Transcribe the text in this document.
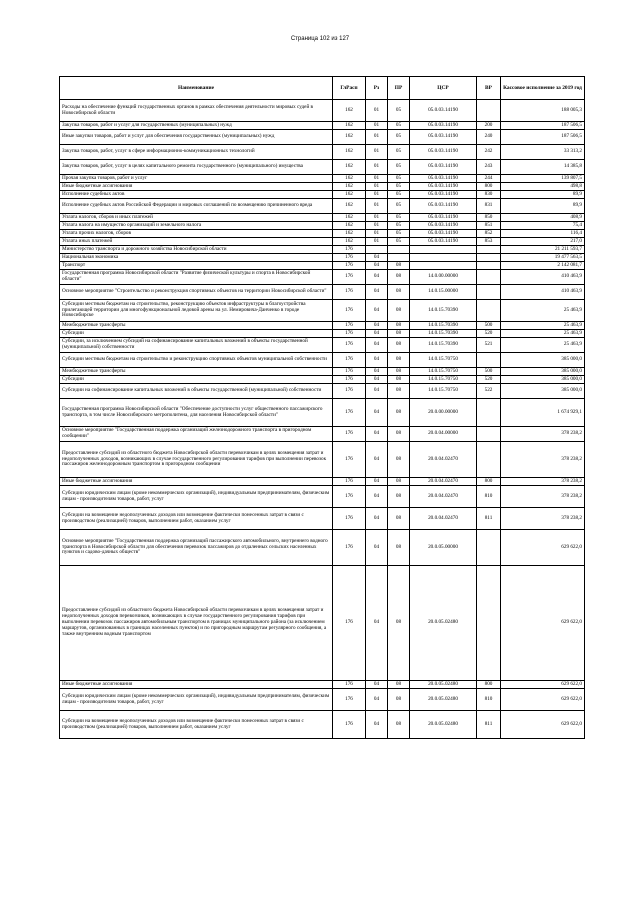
Страница 102 из 127
Наименование	ГлРасп	Рз	ПР	ЦСР	ВР	Кассовое исполнение за 2019 год
Расходы на обеспечение функций государственных органов в рамках обеспечения деятельности мировых судей в Новосибирской области	162	01	05	05.0.03.14190		188 005,3
Закупка товаров, работ и услуг для государственных (муниципальных) нужд	162	01	05	05.0.03.14190	200	187 506,5
Иные закупки товаров, работ и услуг для обеспечения государственных (муниципальных) нужд	162	01	05	05.0.03.14190	240	187 506,5
Закупка товаров, работ, услуг в сфере информационно-коммуникационных технологий	162	01	05	05.0.03.14190	242	33 313,2
Закупка товаров, работ, услуг в целях капитального ремонта государственного (муниципального) имущества	162	01	05	05.0.03.14190	243	14 385,8
Прочая закупка товаров, работ и услуг	162	01	05	05.0.03.14190	244	139 807,5
Иные бюджетные ассигнования	162	01	05	05.0.03.14190	800	498,8
Исполнение судебных актов	162	01	05	05.0.03.14190	830	89,9
Исполнение судебных актов Российской Федерации и мировых соглашений по возмещению причиненного вреда	162	01	05	05.0.03.14190	831	89,9
Уплата налогов, сборов и иных платежей	162	01	05	05.0.03.14190	850	408,9
Уплата налога на имущество организаций и земельного налога	162	01	05	05.0.03.14190	851	75,4
Уплата прочих налогов, сборов	162	01	05	05.0.03.14190	852	116,4
Уплата иных платежей	162	01	05	05.0.03.14190	853	217,0
Министерство транспорта и дорожного хозяйства Новосибирской области	176					21 211 593,7
Национальная экономика	176	04				19 477 563,5
Транспорт	176	04	08			2 142 081,7
Государственная программа Новосибирской области "Развитие физической культуры и спорта в Новосибирской области"	176	04	08	14.0.00.00000		410 463,9
Основное мероприятие "Строительство и реконструкция спортивных объектов на территории Новосибирской области"	176	04	08	14.0.15.00000		410 463,9
Субсидии местным бюджетам на строительство, реконструкцию объектов инфраструктуры в благоустройства прилегающей территории для многофункциональной ледовой арены на ул. Немировича-Данченко в городе Новосибирске	176	04	08	14.0.15.70390		25 463,9
Межбюджетные трансферты	176	04	08	14.0.15.70390	500	25 463,9
Субсидии	176	04	08	14.0.15.70390	520	25 463,9
Субсидии, за исключением субсидий на софинансирование капитальных вложений в объекты государственной (муниципальной) собственности	176	04	08	14.0.15.70390	521	25 463,9
Субсидии местным бюджетам на строительство и реконструкцию спортивных объектов муниципальной собственности	176	04	08	14.0.15.70750		385 000,0
Межбюджетные трансферты	176	04	08	14.0.15.70750	500	385 000,0
Субсидии	176	04	08	14.0.15.70750	520	385 000,0
Субсидии на софинансирование капитальных вложений в объекты государственной (муниципальной) собственности	176	04	08	14.0.15.70750	522	385 000,0
Государственная программа Новосибирской области "Обеспечение доступности услуг общественного пассажирского транспорта, в том числе Новосибирского метрополитена, для населения Новосибирской области"	176	04	08	20.0.00.00000		1 674 929,1
Основное мероприятие "Государственная поддержка организаций железнодорожного транспорта в пригородном сообщении"	176	04	08	20.0.04.00000		378 238,2
Предоставление субсидий из областного бюджета Новосибирской области перевозчикам в целях возмещения затрат и недополученных доходов, возникающих в случае государственного регулирования тарифов при выполнении перевозок пассажиров железнодорожным транспортом в пригородном сообщении	176	04	08	20.0.04.02470		378 238,2
Иные бюджетные ассигнования	176	04	08	20.0.04.02470	800	378 238,2
Субсидии юридическим лицам (кроме некоммерческих организаций), индивидуальным предпринимателям, физическим лицам - производителям товаров, работ, услуг	176	04	08	20.0.04.02470	810	378 238,2
Субсидии на возмещение недополученных доходов или возмещение фактически понесенных затрат в связи с производством (реализацией) товаров, выполнением работ, оказанием услуг	176	04	08	20.0.04.02470	811	378 238,2
Основное мероприятие "Государственная поддержка организаций пассажирского автомобильного, внутреннего водного транспорта в Новосибирской области для обеспечения перевозок пассажиров до отдаленных сельских населенных пунктов и садово-дачных обществ"	176	04	08	20.0.05.00000		629 622,0
Предоставление субсидий из областного бюджета Новосибирской области перевозчикам в целях возмещения затрат и недополученных доходов перевозчиков, возникающих в случае государственного регулирования тарифов при выполнении перевозок пассажиров автомобильным транспортом в границах муниципального района (за исключением маршрутов, организованных в границах населенных пунктов) и по пригородным маршрутам регулярного сообщения, а также внутренним водным транспортом	176	04	08	20.0.05.02480		629 622,0
Иные бюджетные ассигнования	176	04	08	20.0.05.02480	800	629 622,0
Субсидии юридическим лицам (кроме некоммерческих организаций), индивидуальным предпринимателям, физическим лицам - производителям товаров, работ, услуг	176	04	08	20.0.05.02480	810	629 622,0
Субсидии на возмещение недополученных доходов или возмещение фактически понесенных затрат в связи с производством (реализацией) товаров, выполнением работ, оказанием услуг	176	04	08	20.0.05.02480	811	629 622,0
